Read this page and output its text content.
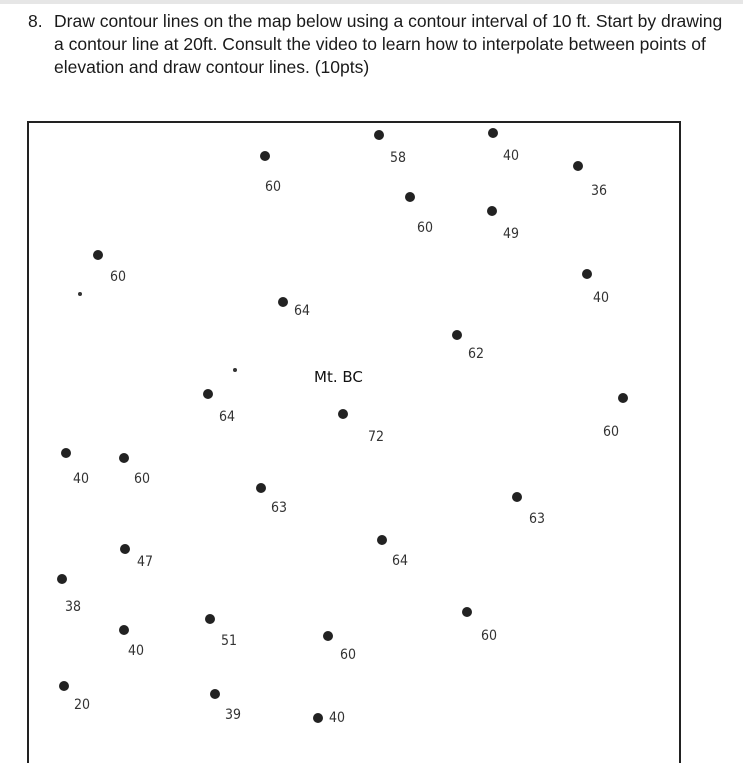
8. Draw contour lines on the map below using a contour interval of 10 ft. Start by drawing a contour line at 20ft. Consult the video to learn how to interpolate between points of elevation and draw contour lines. (10pts)
58	40
36
60
60	49
60
40
64
62
Mt. BC
64
72	60
40	60
63
63
47	64
38
40
51
60
60
20
39	40
